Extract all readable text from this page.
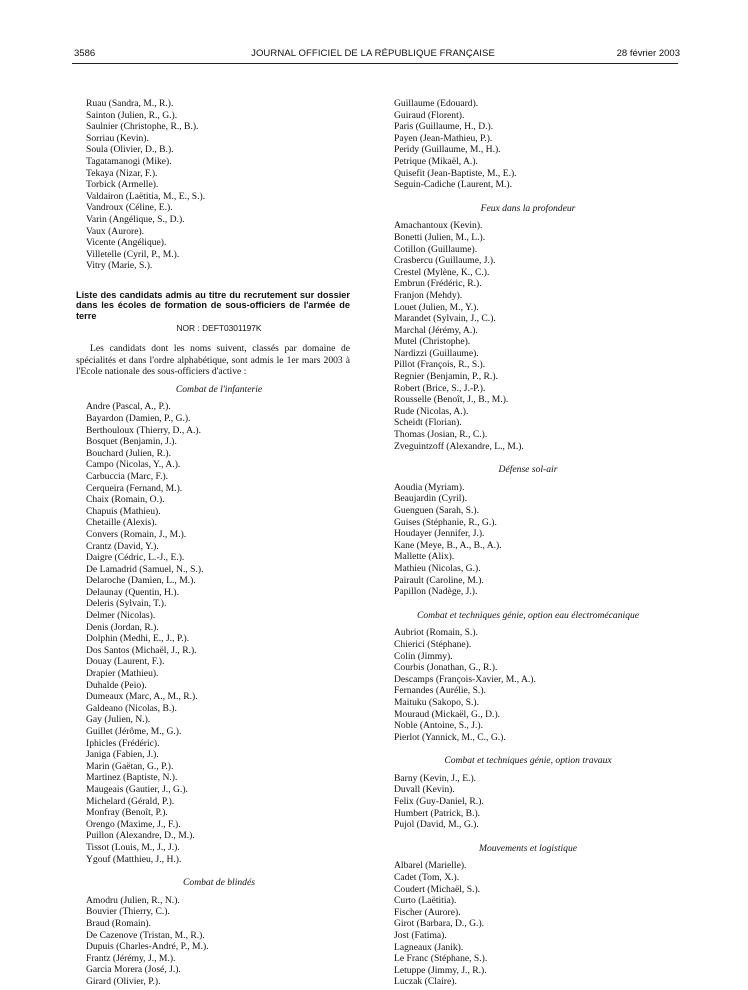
3586	JOURNAL OFFICIEL DE LA RÉPUBLIQUE FRANÇAISE	28 février 2003
Ruau (Sandra, M., R.).
Sainton (Julien, R., G.).
Saulnier (Christophe, R., B.).
Sorriau (Kevin).
Soula (Olivier, D., B.).
Tagatamanogi (Mike).
Tekaya (Nizar, F.).
Torbick (Armelle).
Valdairon (Laëtitia, M., E., S.).
Vandroux (Céline, E.).
Varin (Angélique, S., D.).
Vaux (Aurore).
Vicente (Angélique).
Villetelle (Cyril, P., M.).
Vitry (Marie, S.).
Liste des candidats admis au titre du recrutement sur dossier dans les écoles de formation de sous-officiers de l'armée de terre
NOR : DEFT0301197K
Les candidats dont les noms suivent, classés par domaine de spécialités et dans l'ordre alphabétique, sont admis le 1er mars 2003 à l'Ecole nationale des sous-officiers d'active :
Combat de l'infanterie
Andre (Pascal, A., P.).
Bayardon (Damien, P., G.).
Berthouloux (Thierry, D., A.).
Bosquet (Benjamin, J.).
Bouchard (Julien, R.).
Campo (Nicolas, Y., A.).
Carbuccia (Marc, F.).
Cerqueira (Fernand, M.).
Chaix (Romain, O.).
Chapuis (Mathieu).
Chetaille (Alexis).
Convers (Romain, J., M.).
Crantz (David, Y.).
Daigre (Cédric, L.-J., E.).
De Lamadrid (Samuel, N., S.).
Delaroche (Damien, L., M.).
Delaunay (Quentin, H.).
Deleris (Sylvain, T.).
Delmer (Nicolas).
Denis (Jordan, R.).
Dolphin (Medhi, E., J., P.).
Dos Santos (Michaël, J., R.).
Douay (Laurent, F.).
Drapier (Mathieu).
Duhalde (Peio).
Dumeaux (Marc, A., M., R.).
Galdeano (Nicolas, B.).
Gay (Julien, N.).
Guillet (Jérôme, M., G.).
Iphicles (Frédéric).
Janiga (Fabien, J.).
Marin (Gaëtan, G., P.).
Martinez (Baptiste, N.).
Maugeais (Gautier, J., G.).
Michelard (Gérald, P.).
Monfray (Benoît, P.).
Orengo (Maxime, J., F.).
Puillon (Alexandre, D., M.).
Tissot (Louis, M., J., J.).
Ygouf (Matthieu, J., H.).
Combat de blindés
Amodru (Julien, R., N.).
Bouvier (Thierry, C.).
Braud (Romain).
De Cazenove (Tristan, M., R.).
Dupuis (Charles-André, P., M.).
Frantz (Jérémy, J., M.).
Garcia Morera (José, J.).
Girard (Olivier, P.).
Guillaume (Edouard).
Guiraud (Florent).
Paris (Guillaume, H., D.).
Payen (Jean-Mathieu, P.).
Peridy (Guillaume, M., H.).
Petrique (Mikaël, A.).
Quisefit (Jean-Baptiste, M., E.).
Seguin-Cadiche (Laurent, M.).
Feux dans la profondeur
Amachantoux (Kevin).
Bonetti (Julien, M., L.).
Cotillon (Guillaume).
Crasbercu (Guillaume, J.).
Crestel (Mylène, K., C.).
Embrun (Frédéric, R.).
Franjon (Mehdy).
Louet (Julien, M., Y.).
Marandet (Sylvain, J., C.).
Marchal (Jérémy, A.).
Mutel (Christophe).
Nardizzi (Guillaume).
Pillot (François, R., S.).
Regnier (Benjamin, P., R.).
Robert (Brice, S., J.-P.).
Rousselle (Benoît, J., B., M.).
Rude (Nicolas, A.).
Scheidt (Florian).
Thomas (Josian, R., C.).
Zveguintzoff (Alexandre, L., M.).
Défense sol-air
Aoudia (Myriam).
Beaujardin (Cyril).
Guenguen (Sarah, S.).
Guises (Stéphanie, R., G.).
Houdayer (Jennifer, J.).
Kane (Meye, B., A., B., A.).
Mallette (Alix).
Mathieu (Nicolas, G.).
Pairault (Caroline, M.).
Papillon (Nadège, J.).
Combat et techniques génie, option eau électromécanique
Aubriot (Romain, S.).
Chierici (Stéphane).
Colin (Jimmy).
Courbis (Jonathan, G., R.).
Descamps (François-Xavier, M., A.).
Fernandes (Aurélie, S.).
Maituku (Sakopo, S.).
Mouraud (Mickaël, G., D.).
Noble (Antoine, S., J.).
Pierlot (Yannick, M., C., G.).
Combat et techniques génie, option travaux
Barny (Kevin, J., E.).
Duvall (Kevin).
Felix (Guy-Daniel, R.).
Humbert (Patrick, B.).
Pujol (David, M., G.).
Mouvements et logistique
Albarel (Marielle).
Cadet (Tom, X.).
Coudert (Michaël, S.).
Curto (Laëtitia).
Fischer (Aurore).
Girot (Barbara, D., G.).
Jost (Fatima).
Lagneaux (Janik).
Le Franc (Stéphane, S.).
Letuppe (Jimmy, J., R.).
Luczak (Claire).
